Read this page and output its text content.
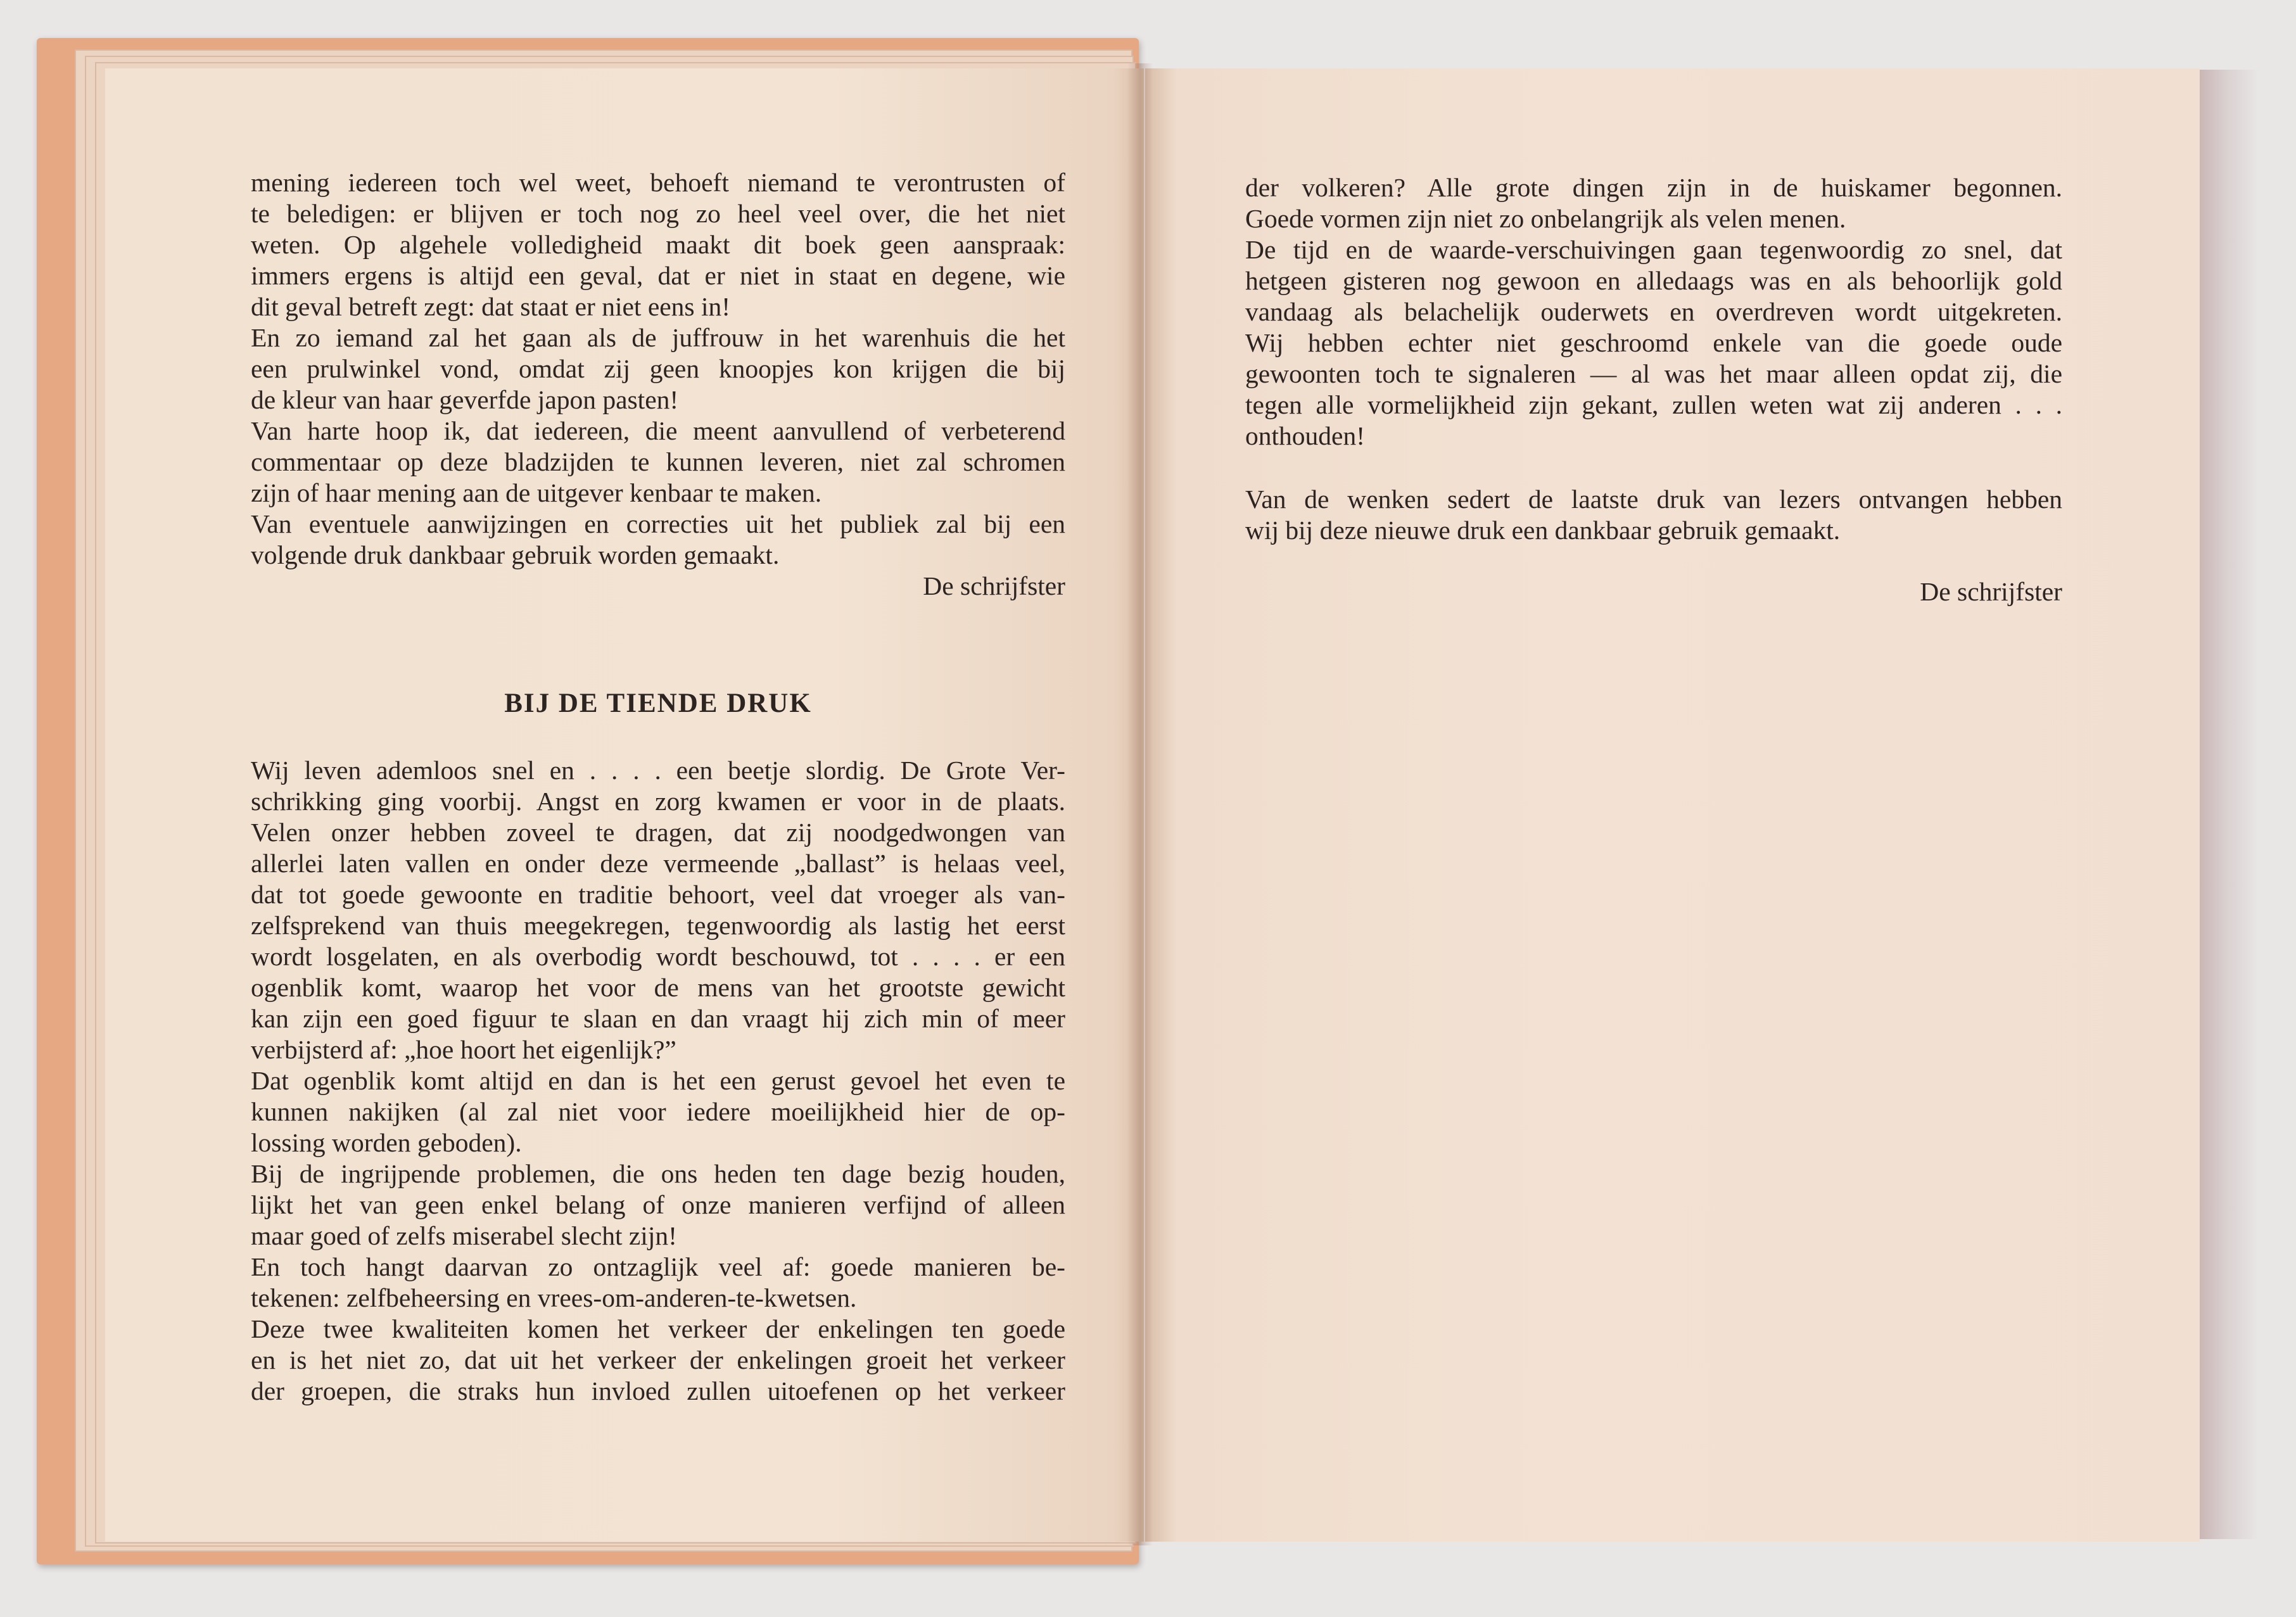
mening iedereen toch wel weet, behoeft niemand te verontrusten of
te beledigen: er blijven er toch nog zo heel veel over, die het niet
weten. Op algehele volledigheid maakt dit boek geen aanspraak:
immers ergens is altijd een geval, dat er niet in staat en degene, wie
dit geval betreft zegt: dat staat er niet eens in!
En zo iemand zal het gaan als de juffrouw in het warenhuis die het
een prulwinkel vond, omdat zij geen knoopjes kon krijgen die bij
de kleur van haar geverfde japon pasten!
Van harte hoop ik, dat iedereen, die meent aanvullend of verbeterend
commentaar op deze bladzijden te kunnen leveren, niet zal schromen
zijn of haar mening aan de uitgever kenbaar te maken.
Van eventuele aanwijzingen en correcties uit het publiek zal bij een
volgende druk dankbaar gebruik worden gemaakt.
De schrijfster
BIJ DE TIENDE DRUK
Wij leven ademloos snel en . . . . een beetje slordig. De Grote Ver-
schrikking ging voorbij. Angst en zorg kwamen er voor in de plaats.
Velen onzer hebben zoveel te dragen, dat zij noodgedwongen van
allerlei laten vallen en onder deze vermeende „ballast” is helaas veel,
dat tot goede gewoonte en traditie behoort, veel dat vroeger als van-
zelfsprekend van thuis meegekregen, tegenwoordig als lastig het eerst
wordt losgelaten, en als overbodig wordt beschouwd, tot . . . . er een
ogenblik komt, waarop het voor de mens van het grootste gewicht
kan zijn een goed figuur te slaan en dan vraagt hij zich min of meer
verbijsterd af: „hoe hoort het eigenlijk?”
Dat ogenblik komt altijd en dan is het een gerust gevoel het even te
kunnen nakijken (al zal niet voor iedere moeilijkheid hier de op-
lossing worden geboden).
Bij de ingrijpende problemen, die ons heden ten dage bezig houden,
lijkt het van geen enkel belang of onze manieren verfijnd of alleen
maar goed of zelfs miserabel slecht zijn!
En toch hangt daarvan zo ontzaglijk veel af: goede manieren be-
tekenen: zelfbeheersing en vrees-om-anderen-te-kwetsen.
Deze twee kwaliteiten komen het verkeer der enkelingen ten goede
en is het niet zo, dat uit het verkeer der enkelingen groeit het verkeer
der groepen, die straks hun invloed zullen uitoefenen op het verkeer
der volkeren? Alle grote dingen zijn in de huiskamer begonnen.
Goede vormen zijn niet zo onbelangrijk als velen menen.
De tijd en de waarde-verschuivingen gaan tegenwoordig zo snel, dat
hetgeen gisteren nog gewoon en alledaags was en als behoorlijk gold
vandaag als belachelijk ouderwets en overdreven wordt uitgekreten.
Wij hebben echter niet geschroomd enkele van die goede oude
gewoonten toch te signaleren — al was het maar alleen opdat zij, die
tegen alle vormelijkheid zijn gekant, zullen weten wat zij anderen . . .
onthouden!
Van de wenken sedert de laatste druk van lezers ontvangen hebben
wij bij deze nieuwe druk een dankbaar gebruik gemaakt.
De schrijfster
